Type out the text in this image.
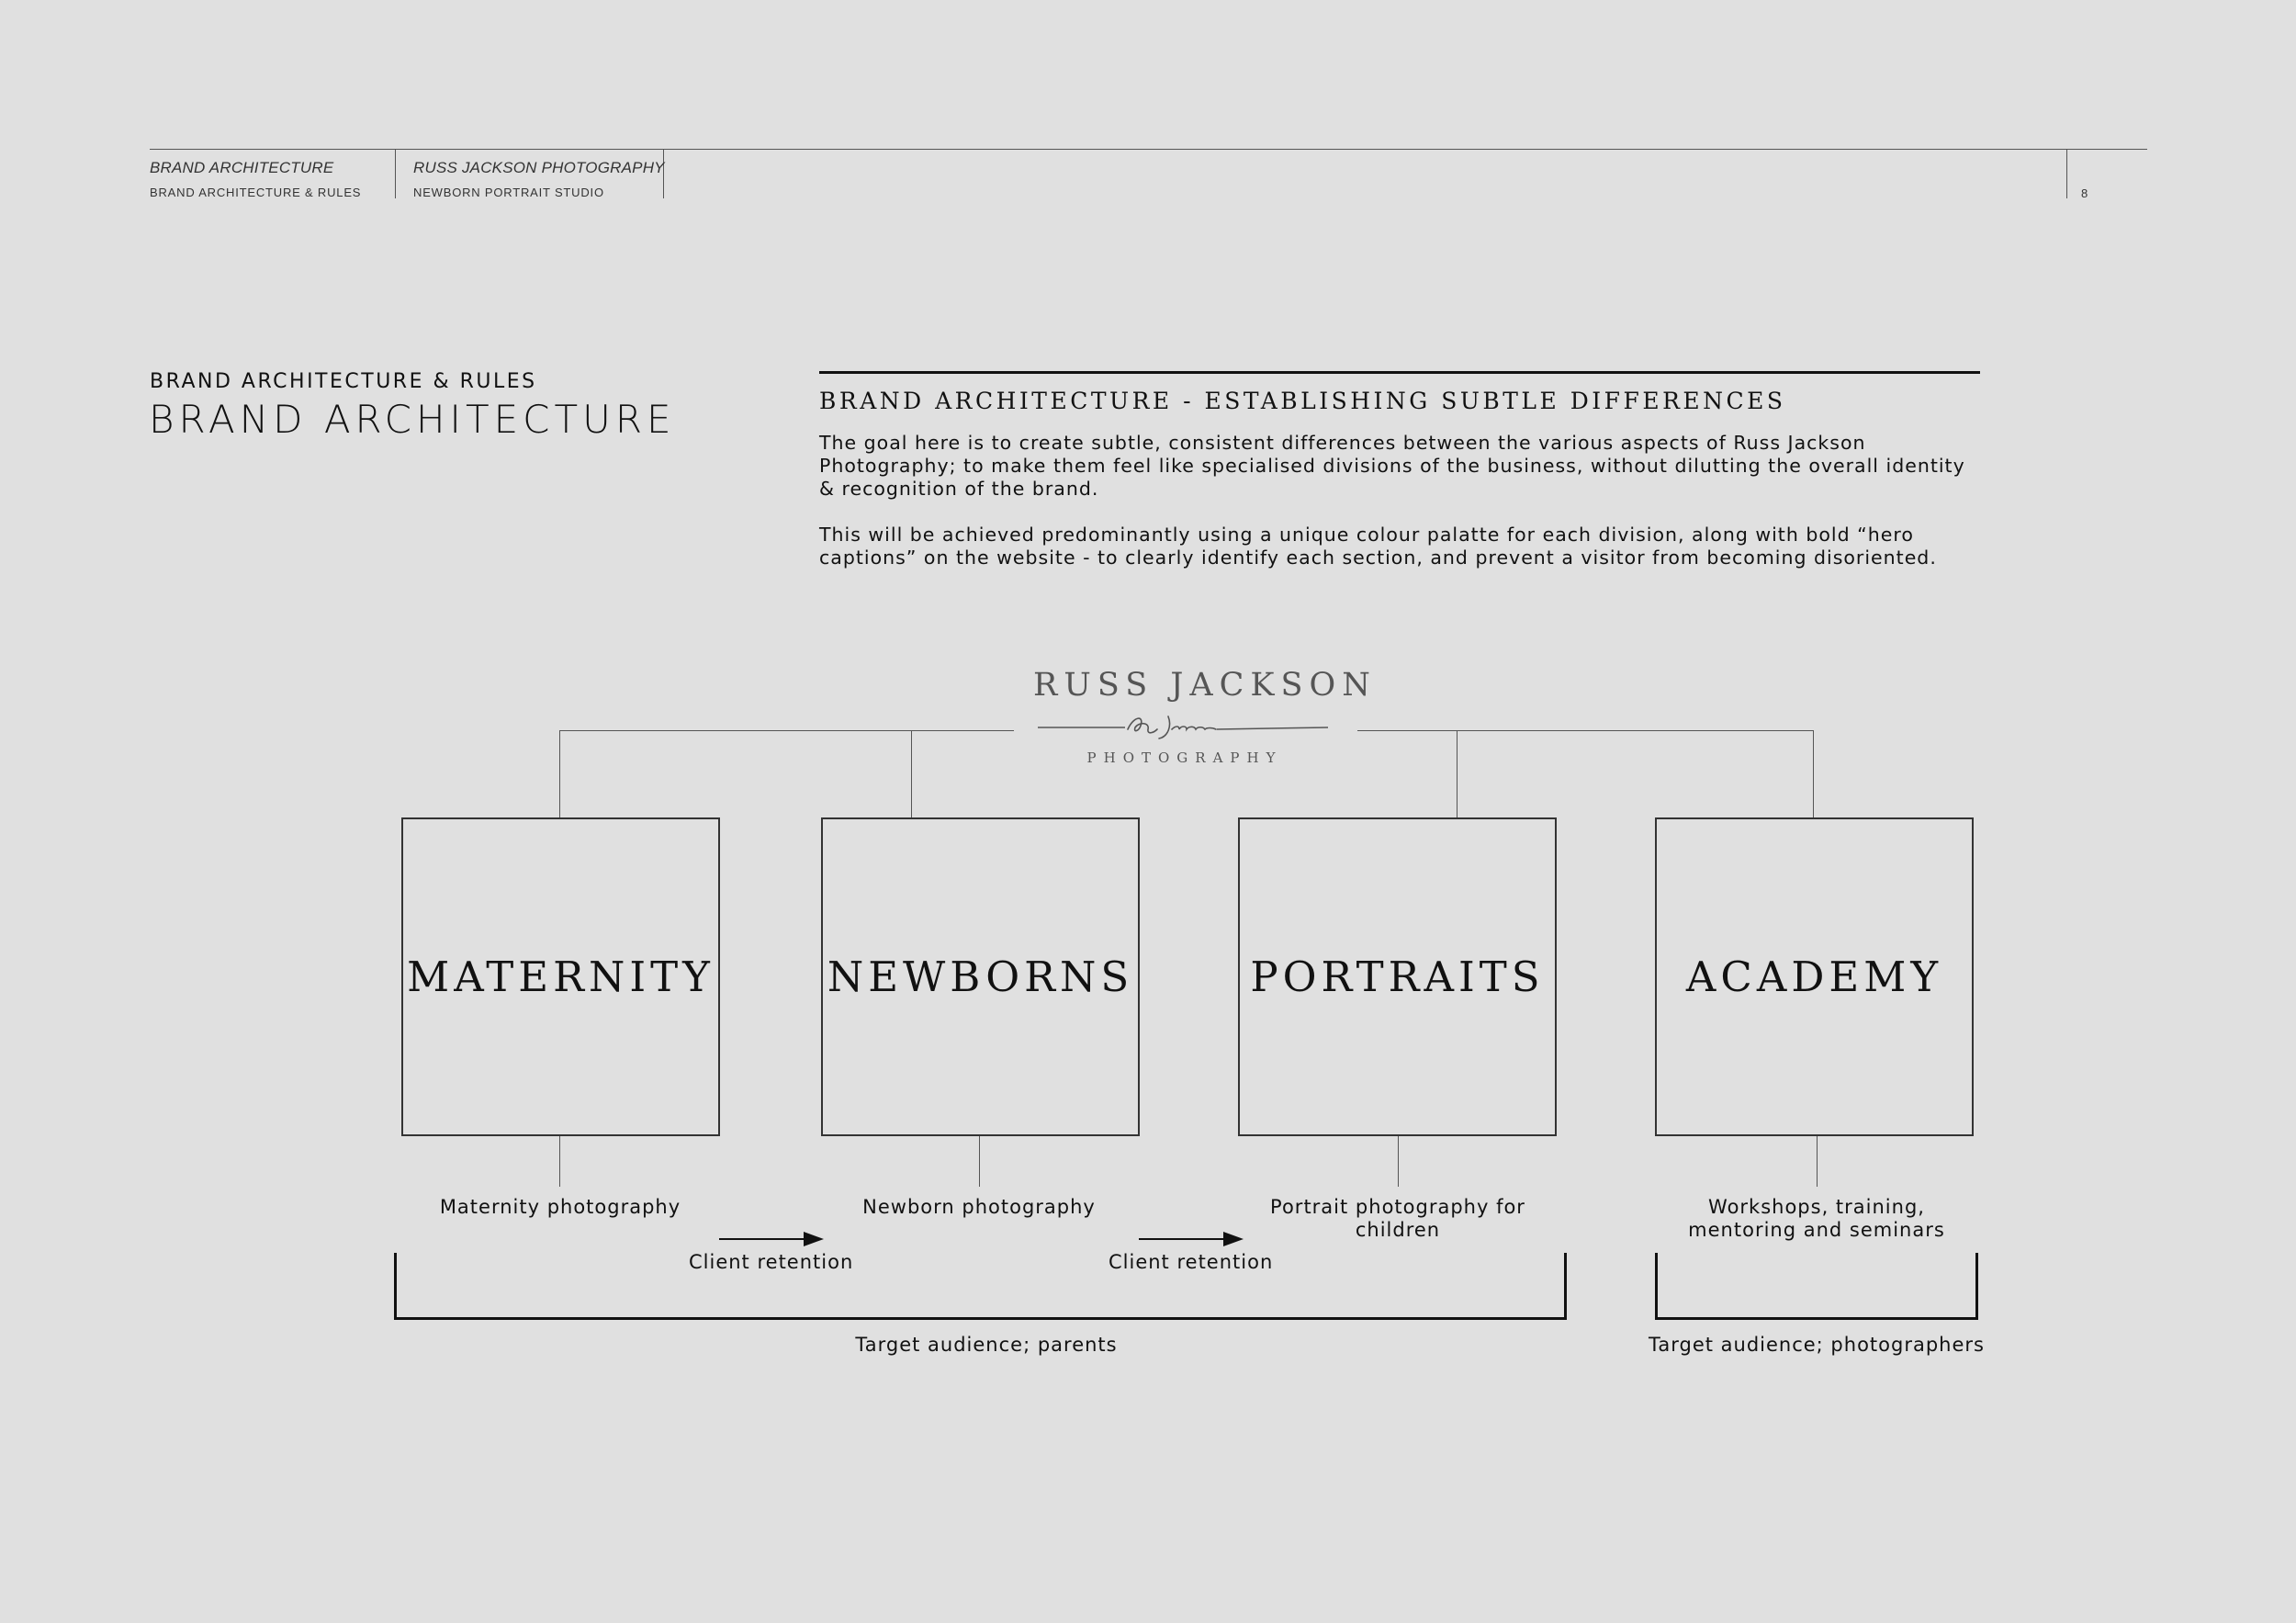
BRAND ARCHITECTURE
BRAND ARCHITECTURE & RULES
RUSS JACKSON PHOTOGRAPHY
NEWBORN PORTRAIT STUDIO	8
BRAND ARCHITECTURE & RULES
BRAND ARCHITECTURE	BRAND ARCHITECTURE - ESTABLISHING SUBTLE DIFFERENCES

The goal here is to create subtle, consistent differences between the various aspects of Russ Jackson
Photography; to make them feel like specialised divisions of the business, without dilutting the overall identity
& recognition of the brand.

This will be achieved predominantly using a unique colour palatte for each division, along with bold “hero
captions” on the website - to clearly identify each section, and prevent a visitor from becoming disoriented.

RUSS JACKSON
PHOTOGRAPHY
MATERNITY	NEWBORNS	PORTRAITS	ACADEMY
Maternity photography	Newborn photography	Portrait photography for
children
Workshops, training,
mentoring and seminars
Client retention	Client retention
Target audience; parents	Target audience; photographers
